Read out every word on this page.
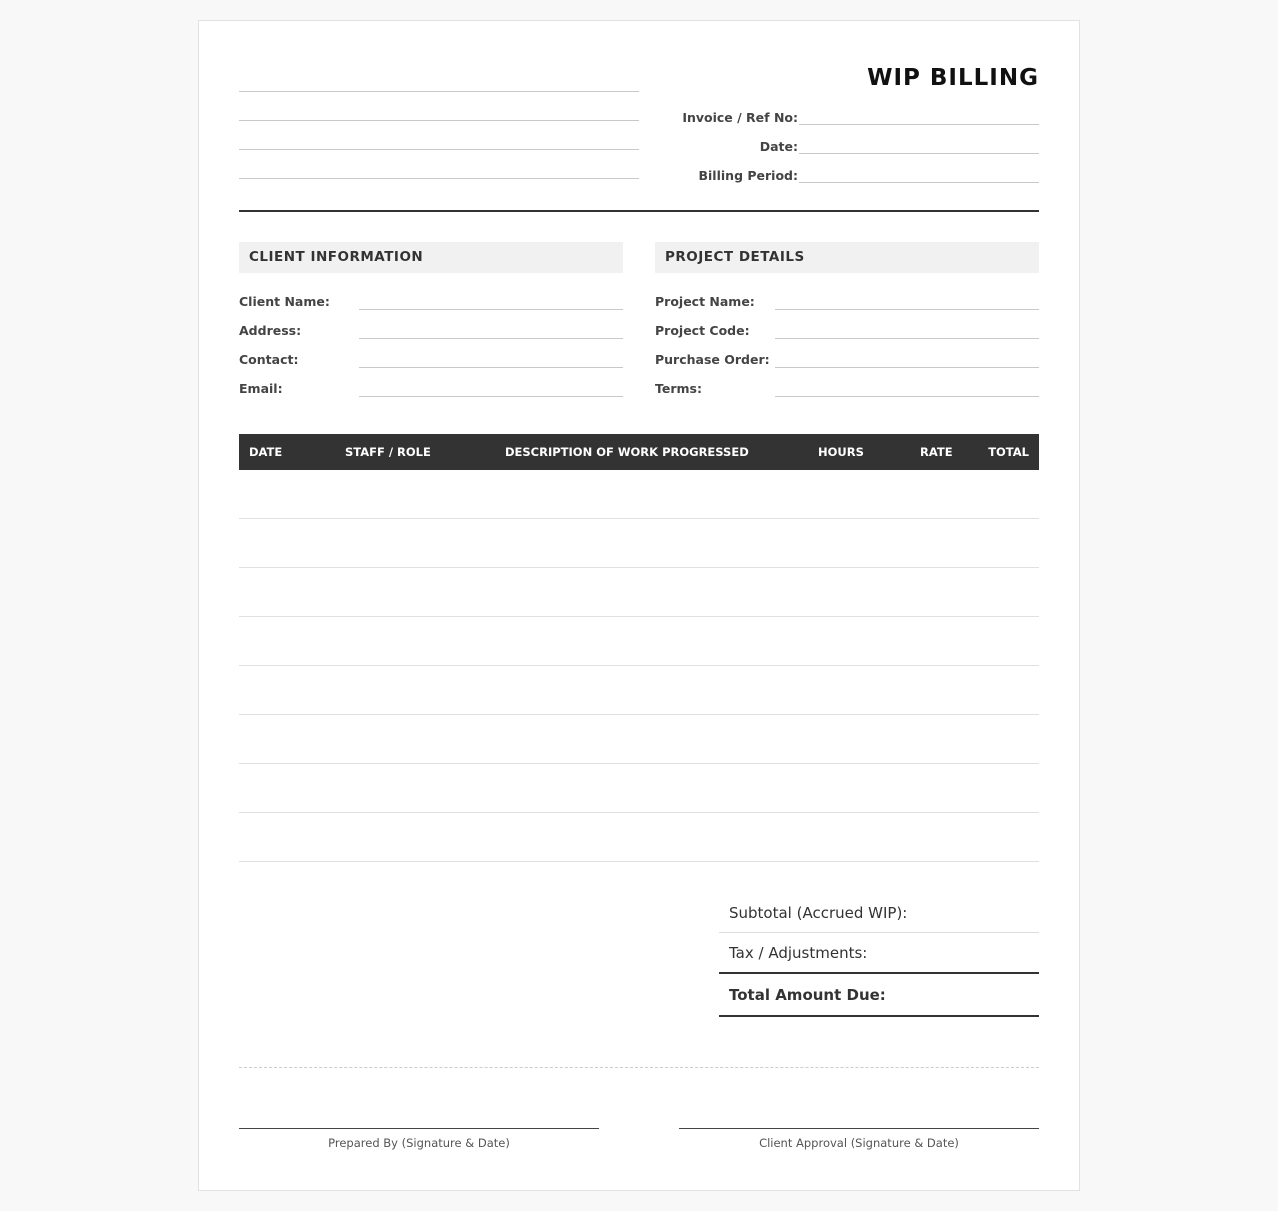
WIP BILLING
Invoice / Ref No:
Date:
Billing Period:
CLIENT INFORMATION
Client Name:
Address:
Contact:
Email:
PROJECT DETAILS
Project Name:
Project Code:
Purchase Order:
Terms:
DATE	STAFF / ROLE	DESCRIPTION OF WORK PROGRESSED	HOURS	RATE	TOTAL
Subtotal (Accrued WIP):
Tax / Adjustments:
Total Amount Due:
Prepared By (Signature & Date)	Client Approval (Signature & Date)
